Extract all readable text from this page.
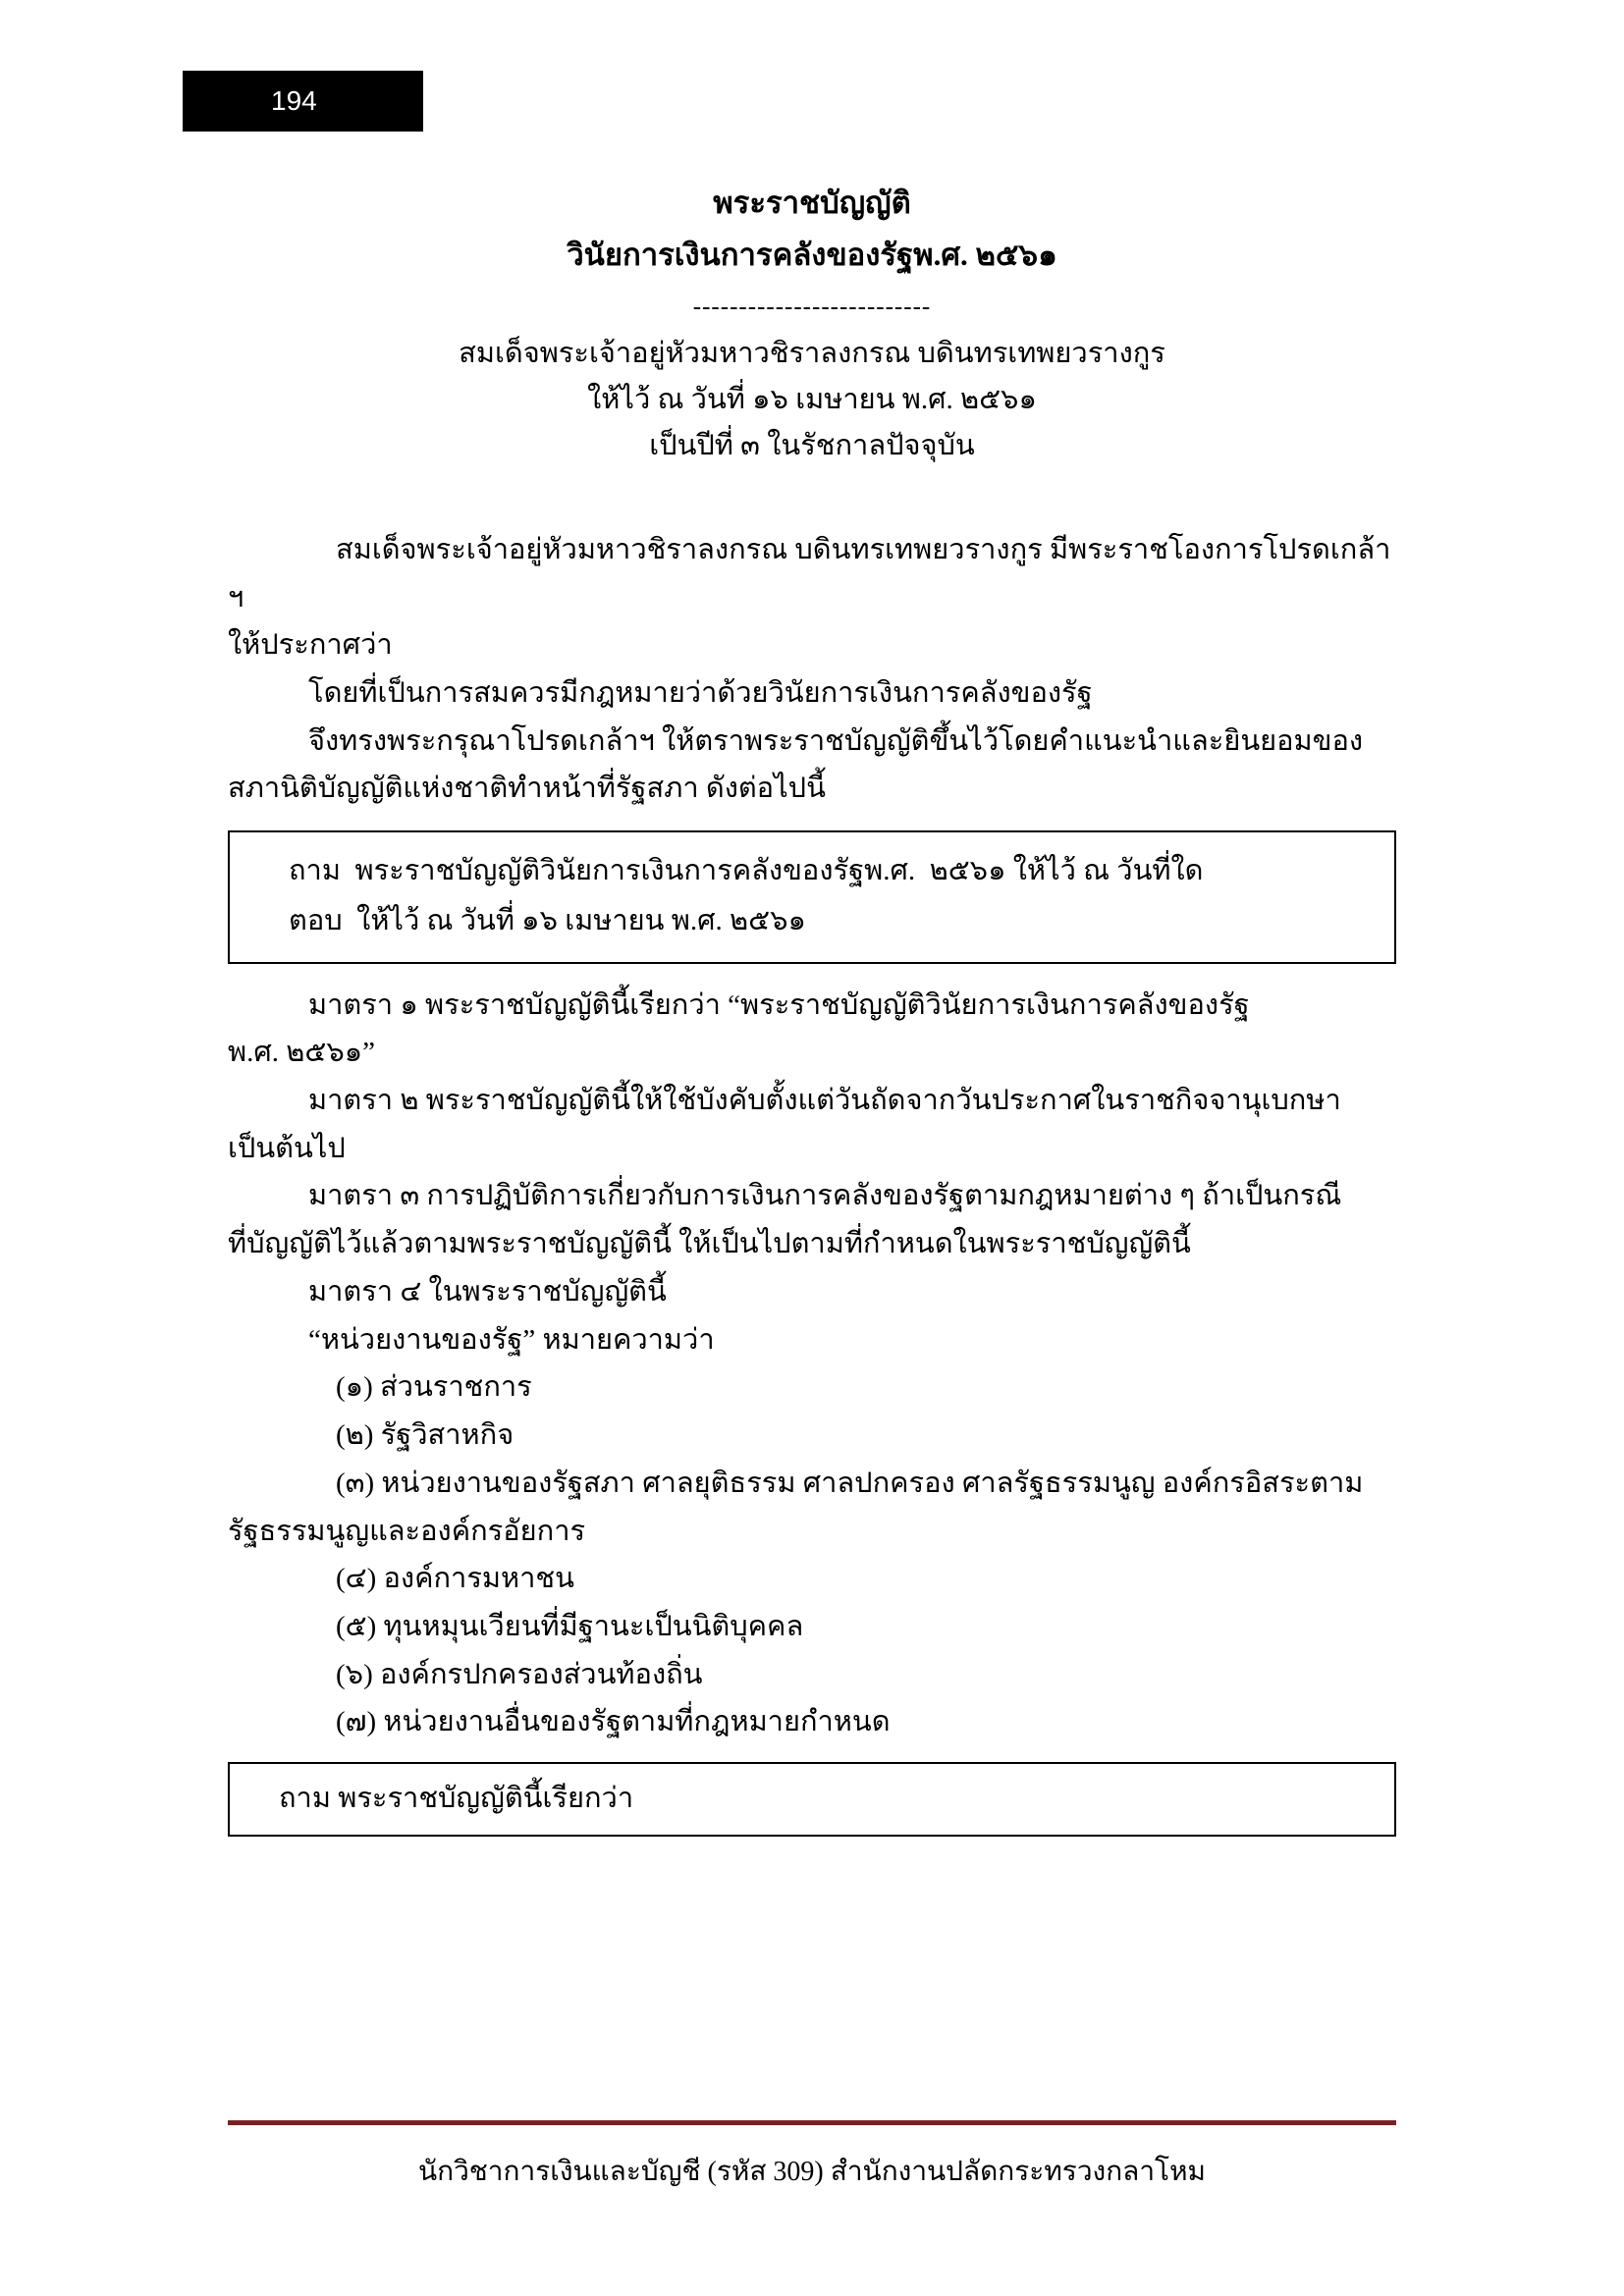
194
พระราชบัญญัติ
วินัยการเงินการคลังของรัฐพ.ศ. ๒๕๖๑
--------------------------
สมเด็จพระเจ้าอยู่หัวมหาวชิราลงกรณ บดินทรเทพยวรางกูร
ให้ไว้ ณ วันที่ ๑๖ เมษายน พ.ศ. ๒๕๖๑
เป็นปีที่ ๓ ในรัชกาลปัจจุบัน
สมเด็จพระเจ้าอยู่หัวมหาวชิราลงกรณ บดินทรเทพยวรางกูร มีพระราชโองการโปรดเกล้า ฯ
ให้ประกาศว่า
โดยที่เป็นการสมควรมีกฎหมายว่าด้วยวินัยการเงินการคลังของรัฐ
จึงทรงพระกรุณาโปรดเกล้าฯ ให้ตราพระราชบัญญัติขึ้นไว้โดยคำแนะนำและยินยอมของ
สภานิติบัญญัติแห่งชาติทำหน้าที่รัฐสภา ดังต่อไปนี้
ถาม  พระราชบัญญัติวินัยการเงินการคลังของรัฐพ.ศ.  ๒๕๖๑ ให้ไว้ ณ วันที่ใด
ตอบ  ให้ไว้ ณ วันที่ ๑๖ เมษายน พ.ศ. ๒๕๖๑
มาตรา ๑ พระราชบัญญัตินี้เรียกว่า “พระราชบัญญัติวินัยการเงินการคลังของรัฐ
พ.ศ. ๒๕๖๑”
มาตรา ๒ พระราชบัญญัตินี้ให้ใช้บังคับตั้งแต่วันถัดจากวันประกาศในราชกิจจานุเบกษา
เป็นต้นไป
มาตรา ๓ การปฏิบัติการเกี่ยวกับการเงินการคลังของรัฐตามกฎหมายต่าง ๆ ถ้าเป็นกรณี
ที่บัญญัติไว้แล้วตามพระราชบัญญัตินี้ ให้เป็นไปตามที่กำหนดในพระราชบัญญัตินี้
มาตรา ๔ ในพระราชบัญญัตินี้
“หน่วยงานของรัฐ” หมายความว่า
(๑) ส่วนราชการ
(๒) รัฐวิสาหกิจ
(๓) หน่วยงานของรัฐสภา ศาลยุติธรรม ศาลปกครอง ศาลรัฐธรรมนูญ องค์กรอิสระตาม
รัฐธรรมนูญและองค์กรอัยการ
(๔) องค์การมหาชน
(๕) ทุนหมุนเวียนที่มีฐานะเป็นนิติบุคคล
(๖) องค์กรปกครองส่วนท้องถิ่น
(๗) หน่วยงานอื่นของรัฐตามที่กฎหมายกำหนด
ถาม พระราชบัญญัตินี้เรียกว่า
นักวิชาการเงินและบัญชี (รหัส 309) สำนักงานปลัดกระทรวงกลาโหม
